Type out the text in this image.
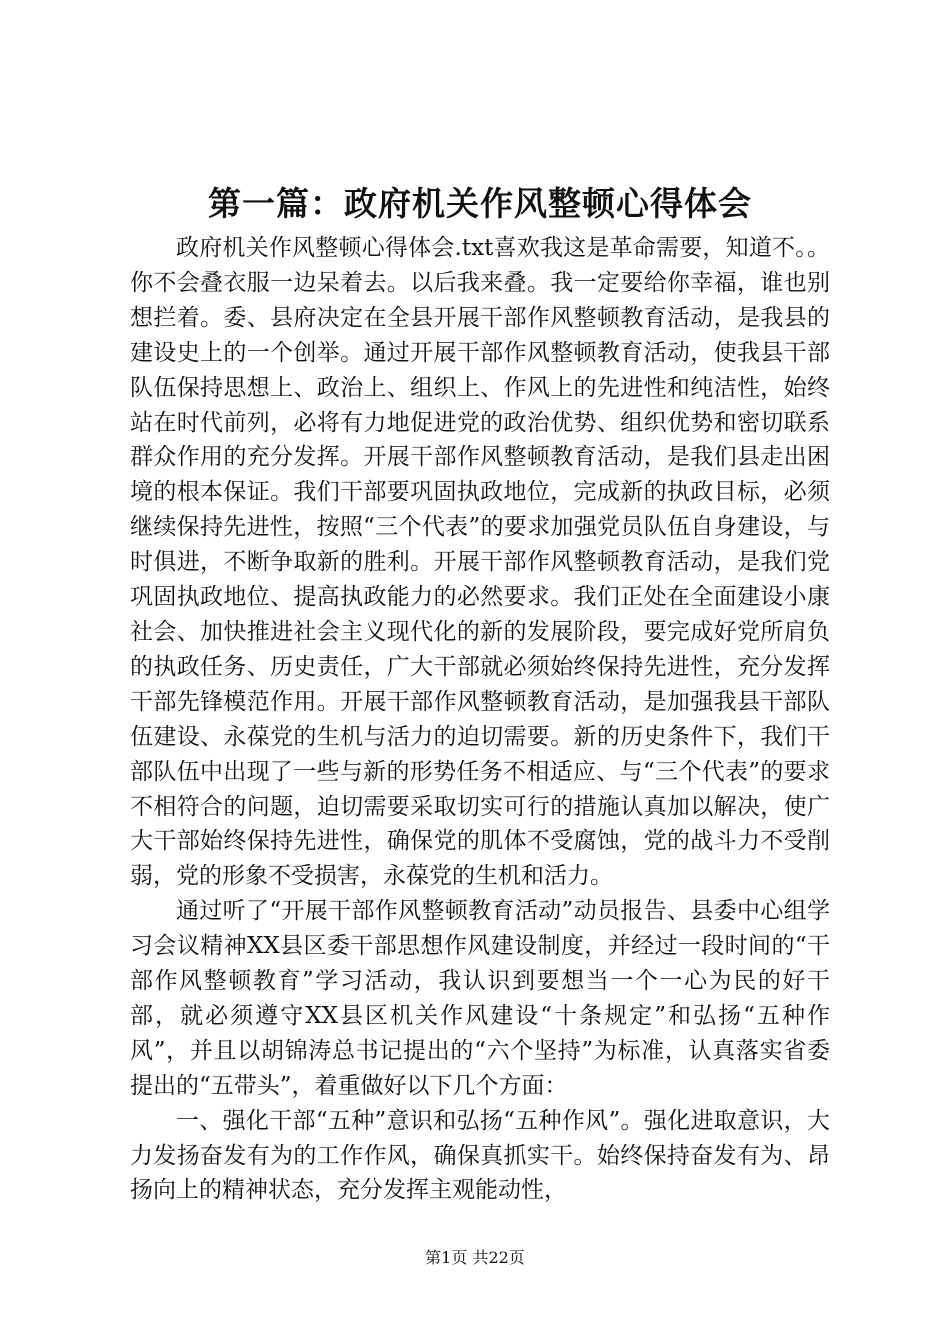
第一篇：政府机关作风整顿心得体会

政府机关作风整顿心得体会.txt喜欢我这是革命需要，知道不。。你不会叠衣服一边呆着去。以后我来叠。我一定要给你幸福，谁也别想拦着。委、县府决定在全县开展干部作风整顿教育活动，是我县的建设史上的一个创举。通过开展干部作风整顿教育活动，使我县干部队伍保持思想上、政治上、组织上、作风上的先进性和纯洁性，始终站在时代前列，必将有力地促进党的政治优势、组织优势和密切联系群众作用的充分发挥。开展干部作风整顿教育活动，是我们县走出困境的根本保证。我们干部要巩固执政地位，完成新的执政目标，必须继续保持先进性，按照“三个代表”的要求加强党员队伍自身建设，与时俱进，不断争取新的胜利。开展干部作风整顿教育活动，是我们党巩固执政地位、提高执政能力的必然要求。我们正处在全面建设小康社会、加快推进社会主义现代化的新的发展阶段，要完成好党所肩负的执政任务、历史责任，广大干部就必须始终保持先进性，充分发挥干部先锋模范作用。开展干部作风整顿教育活动，是加强我县干部队伍建设、永葆党的生机与活力的迫切需要。新的历史条件下，我们干部队伍中出现了一些与新的形势任务不相适应、与“三个代表”的要求不相符合的问题，迫切需要采取切实可行的措施认真加以解决，使广大干部始终保持先进性，确保党的肌体不受腐蚀，党的战斗力不受削弱，党的形象不受损害，永葆党的生机和活力。

通过听了“开展干部作风整顿教育活动”动员报告、县委中心组学习会议精神XX县区委干部思想作风建设制度，并经过一段时间的“干部作风整顿教育”学习活动，我认识到要想当一个一心为民的好干部，就必须遵守XX县区机关作风建设“十条规定”和弘扬“五种作风”，并且以胡锦涛总书记提出的“六个坚持”为标准，认真落实省委提出的“五带头”，着重做好以下几个方面：

一、强化干部“五种”意识和弘扬“五种作风”。强化进取意识，大力发扬奋发有为的工作作风，确保真抓实干。始终保持奋发有为、昂扬向上的精神状态，充分发挥主观能动性，

第1页 共22页
